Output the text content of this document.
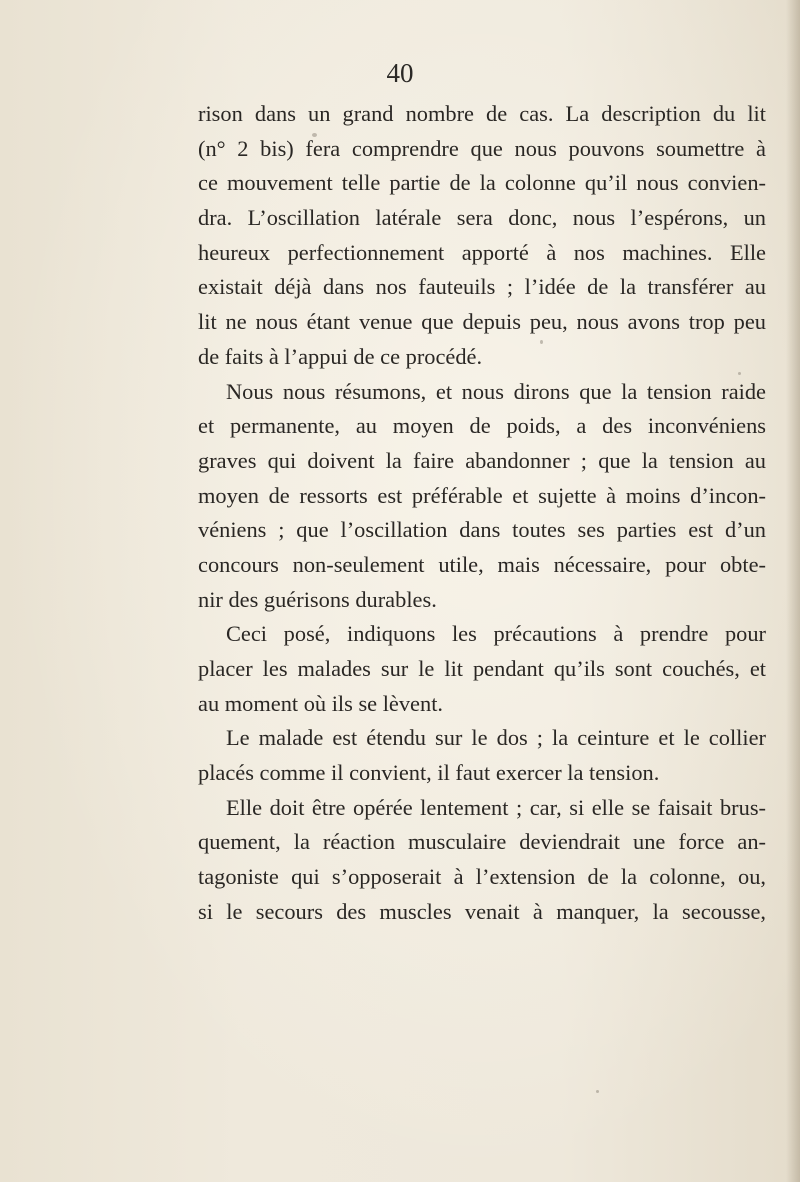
40
rison dans un grand nombre de cas. La description du lit
(n° 2 bis) fera comprendre que nous pouvons soumettre à
ce mouvement telle partie de la colonne qu’il nous convien-
dra. L’oscillation latérale sera donc, nous l’espérons, un
heureux perfectionnement apporté à nos machines. Elle
existait déjà dans nos fauteuils ; l’idée de la transférer au
lit ne nous étant venue que depuis peu, nous avons trop peu
de faits à l’appui de ce procédé.
Nous nous résumons, et nous dirons que la tension raide
et permanente, au moyen de poids, a des inconvéniens
graves qui doivent la faire abandonner ; que la tension au
moyen de ressorts est préférable et sujette à moins d’incon-
véniens ; que l’oscillation dans toutes ses parties est d’un
concours non-seulement utile, mais nécessaire, pour obte-
nir des guérisons durables.
Ceci posé, indiquons les précautions à prendre pour
placer les malades sur le lit pendant qu’ils sont couchés, et
au moment où ils se lèvent.
Le malade est étendu sur le dos ; la ceinture et le collier
placés comme il convient, il faut exercer la tension.
Elle doit être opérée lentement ; car, si elle se faisait brus-
quement, la réaction musculaire deviendrait une force an-
tagoniste qui s’opposerait à l’extension de la colonne, ou,
si le secours des muscles venait à manquer, la secousse,
